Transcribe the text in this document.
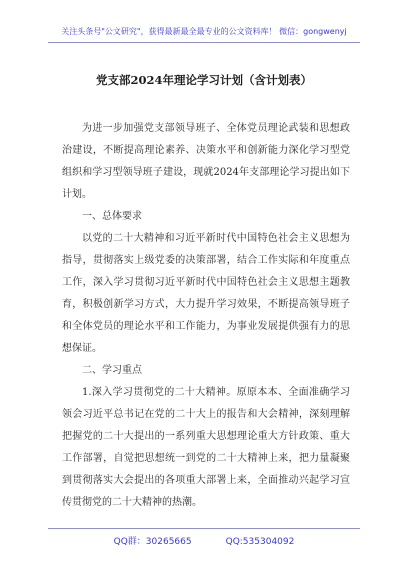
关注头条号"公文研究"，获得最新最全最专业的公文资料库！ 微信：gongwenyj
党支部2024年理论学习计划（含计划表）

为进一步加强党支部领导班子、全体党员理论武装和思想政治建设，不断提高理论素养、决策水平和创新能力深化学习型党组织和学习型领导班子建设，现就2024年支部理论学习提出如下计划。

一、总体要求

以党的二十大精神和习近平新时代中国特色社会主义思想为指导，贯彻落实上级党委的决策部署，结合工作实际和年度重点工作，深入学习贯彻习近平新时代中国特色社会主义思想主题教育，积极创新学习方式，大力提升学习效果，不断提高领导班子和全体党员的理论水平和工作能力，为事业发展提供强有力的思想保证。

二、学习重点

1.深入学习贯彻党的二十大精神。原原本本、全面准确学习领会习近平总书记在党的二十大上的报告和大会精神，深刻理解把握党的二十大提出的一系列重大思想理论重大方针政策、重大工作部署，自觉把思想统一到党的二十大精神上来，把力量凝聚到贯彻落实大会提出的各项重大部署上来，全面推动兴起学习宣传贯彻党的二十大精神的热潮。

QQ群：30265665	QQ:535304092
